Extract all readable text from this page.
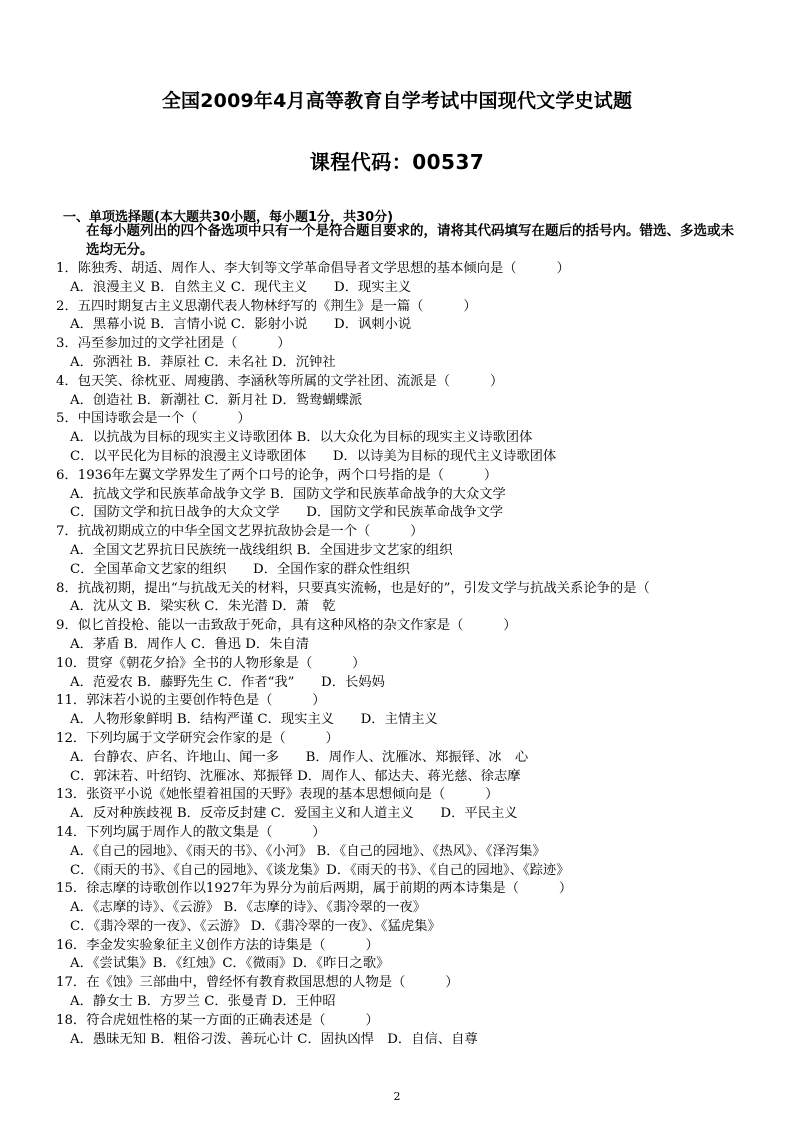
全国2009年4月高等教育自学考试中国现代文学史试题
课程代码：00537
一、单项选择题(本大题共30小题，每小题1分，共30分)
在每小题列出的四个备选项中只有一个是符合题目要求的，请将其代码填写在题后的括号内。错选、多选或未选均无分。
1．陈独秀、胡适、周作人、李大钊等文学革命倡导者文学思想的基本倾向是（　　　）
A．浪漫主义 B．自然主义 C．现代主义　　D．现实主义
2．五四时期复古主义思潮代表人物林纾写的《荆生》是一篇（　　　）
A．黑幕小说 B．言情小说 C．影射小说　　D．讽刺小说
3．冯至参加过的文学社团是（　　　）
A．弥洒社 B．莽原社 C．未名社 D．沉钟社
4．包天笑、徐枕亚、周瘦鹃、李涵秋等所属的文学社团、流派是（　　　）
A．创造社 B．新潮社 C．新月社 D．鸳鸯蝴蝶派
5．中国诗歌会是一个（　　　）
A．以抗战为目标的现实主义诗歌团体 B．以大众化为目标的现实主义诗歌团体
C．以平民化为目标的浪漫主义诗歌团体　　D．以诗美为目标的现代主义诗歌团体
6．1936年左翼文学界发生了两个口号的论争，两个口号指的是（　　　）
A．抗战文学和民族革命战争文学 B．国防文学和民族革命战争的大众文学
C．国防文学和抗日战争的大众文学　　D．国防文学和民族革命战争文学
7．抗战初期成立的中华全国文艺界抗敌协会是一个（　　　）
A．全国文艺界抗日民族统一战线组织 B．全国进步文艺家的组织
C．全国革命文艺家的组织　　D．全国作家的群众性组织
8．抗战初期，提出“与抗战无关的材料，只要真实流畅，也是好的”，引发文学与抗战关系论争的是（
A．沈从文 B．梁实秋 C．朱光潜 D．萧　乾
9．似匕首投枪、能以一击致敌于死命，具有这种风格的杂文作家是（　　　）
A．茅盾 B．周作人 C．鲁迅 D．朱自清
10．贯穿《朝花夕拾》全书的人物形象是（　　　）
A．范爱农 B．藤野先生 C．作者“我”　　D．长妈妈
11．郭沫若小说的主要创作特色是（　　　）
A．人物形象鲜明 B．结构严谨 C．现实主义　　D．主情主义
12．下列均属于文学研究会作家的是（　　　）
A．台静农、庐名、许地山、闻一多　　B．周作人、沈雁冰、郑振铎、冰　心
C．郭沫若、叶绍钧、沈雁冰、郑振铎 D．周作人、郁达夫、蒋光慈、徐志摩
13．张资平小说《她怅望着祖国的天野》表现的基本思想倾向是（　　　）
A．反对种族歧视 B．反帝反封建 C．爱国主义和人道主义　　D．平民主义
14．下列均属于周作人的散文集是（　　　）
A．《自己的园地》、《雨天的书》、《小河》 B．《自己的园地》、《热风》、《泽泻集》
C．《雨天的书》、《自己的园地》、《谈龙集》D．《雨天的书》、《自己的园地》、《踪迹》
15．徐志摩的诗歌创作以1927年为界分为前后两期，属于前期的两本诗集是（　　　）
A．《志摩的诗》、《云游》 B．《志摩的诗》、《翡冷翠的一夜》
C．《翡冷翠的一夜》、《云游》 D．《翡冷翠的一夜》、《猛虎集》
16．李金发实验象征主义创作方法的诗集是（　　　）
A．《尝试集》B．《红烛》C．《微雨》D．《昨日之歌》
17．在《蚀》三部曲中，曾经怀有教育救国思想的人物是（　　　）
A．静女士 B．方罗兰 C．张曼青 D．王仲昭
18．符合虎妞性格的某一方面的正确表述是（　　　）
A．愚昧无知 B．粗俗刁泼、善玩心计 C．固执凶悍　D．自信、自尊
2
